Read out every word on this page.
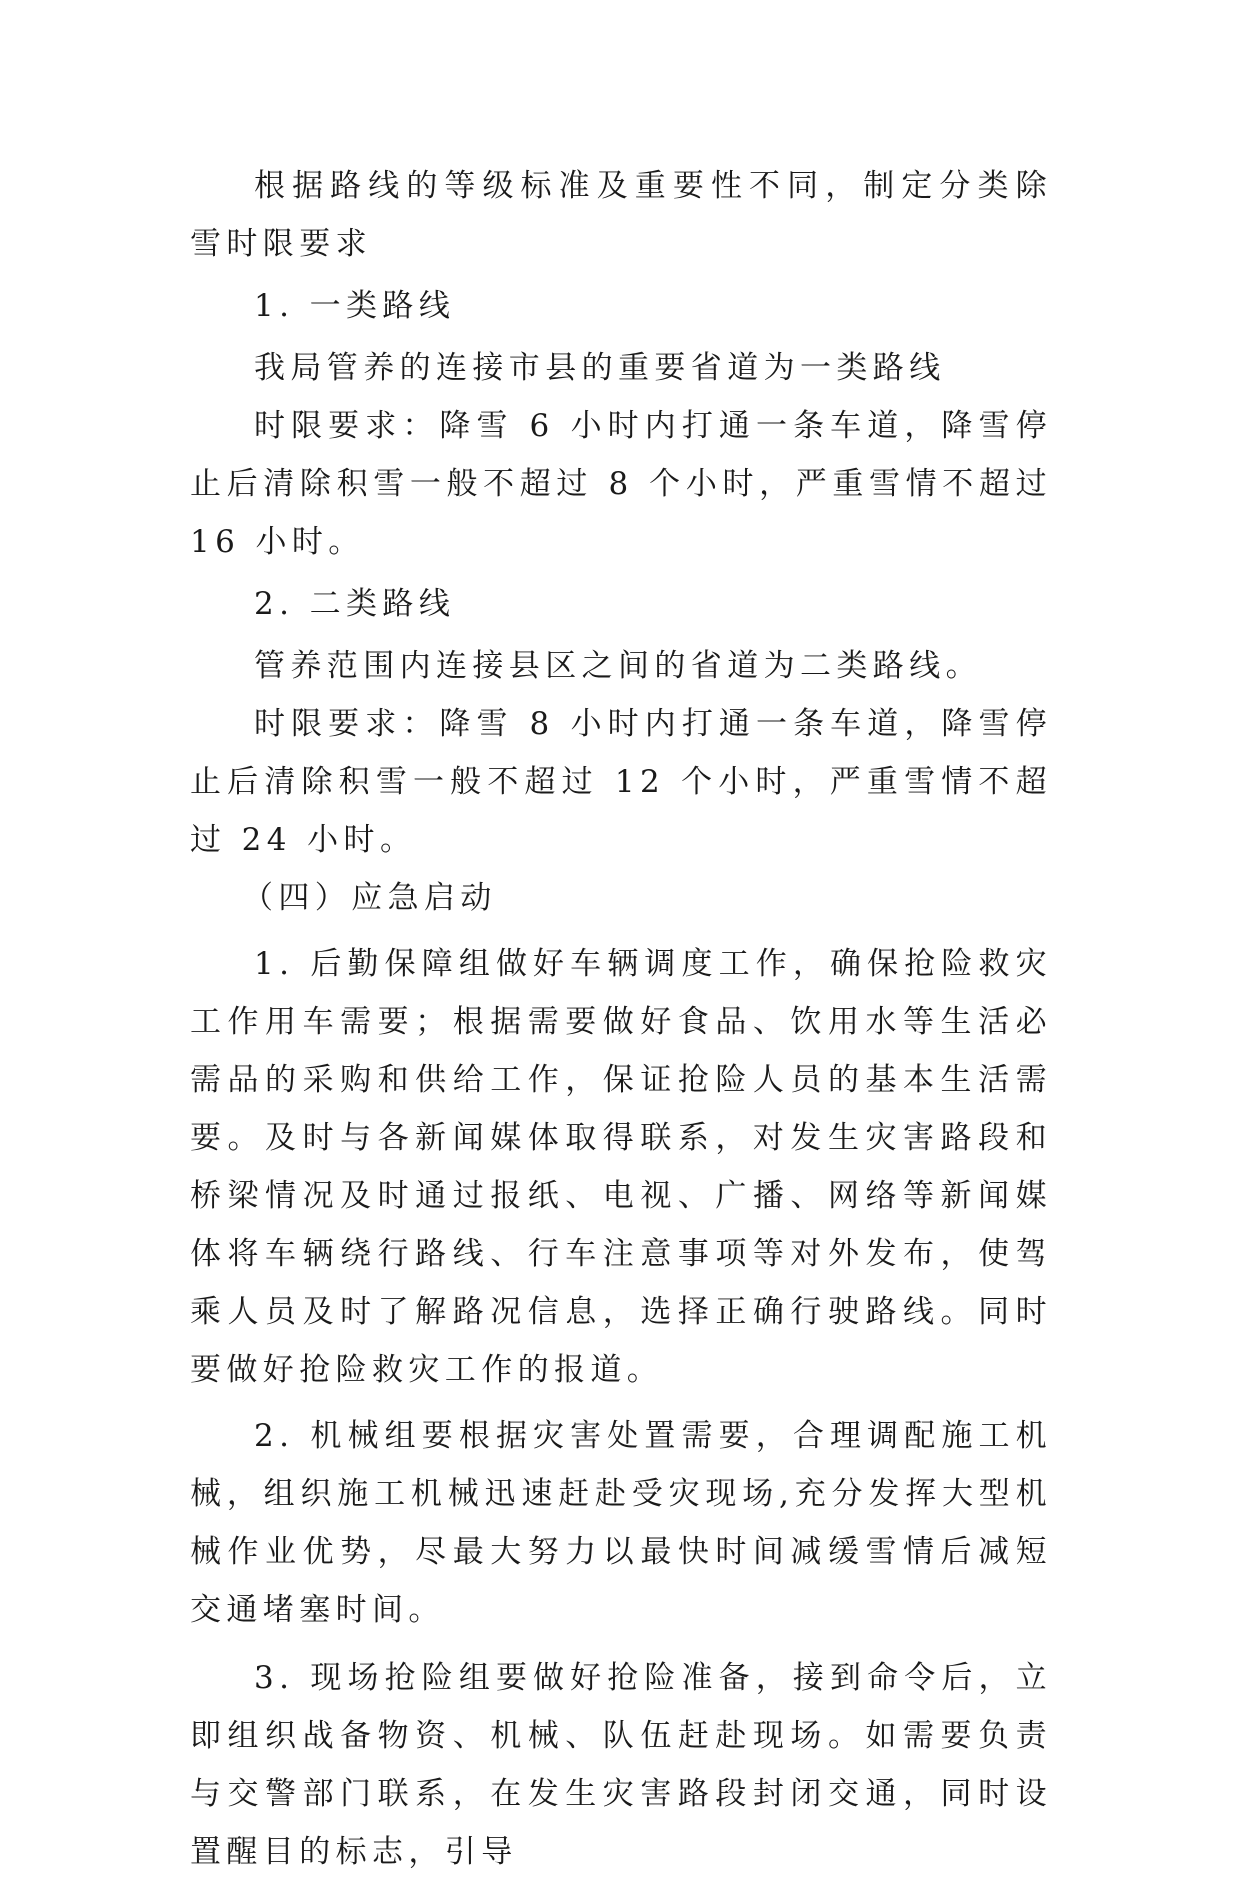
根据路线的等级标准及重要性不同，制定分类除雪时限要求

1. 一类路线

我局管养的连接市县的重要省道为一类路线

时限要求：降雪 6 小时内打通一条车道，降雪停止后清除积雪一般不超过 8 个小时，严重雪情不超过 16 小时。

2. 二类路线

管养范围内连接县区之间的省道为二类路线。

时限要求：降雪 8 小时内打通一条车道，降雪停止后清除积雪一般不超过 12 个小时，严重雪情不超过 24 小时。

（四）应急启动

1. 后勤保障组做好车辆调度工作，确保抢险救灾工作用车需要；根据需要做好食品、饮用水等生活必需品的采购和供给工作，保证抢险人员的基本生活需要。及时与各新闻媒体取得联系，对发生灾害路段和桥梁情况及时通过报纸、电视、广播、网络等新闻媒体将车辆绕行路线、行车注意事项等对外发布，使驾乘人员及时了解路况信息，选择正确行驶路线。同时要做好抢险救灾工作的报道。

2. 机械组要根据灾害处置需要，合理调配施工机械，组织施工机械迅速赶赴受灾现场,充分发挥大型机械作业优势，尽最大努力以最快时间减缓雪情后减短交通堵塞时间。

3. 现场抢险组要做好抢险准备，接到命令后，立即组织战备物资、机械、队伍赶赴现场。如需要负责与交警部门联系，在发生灾害路段封闭交通，同时设置醒目的标志，引导
